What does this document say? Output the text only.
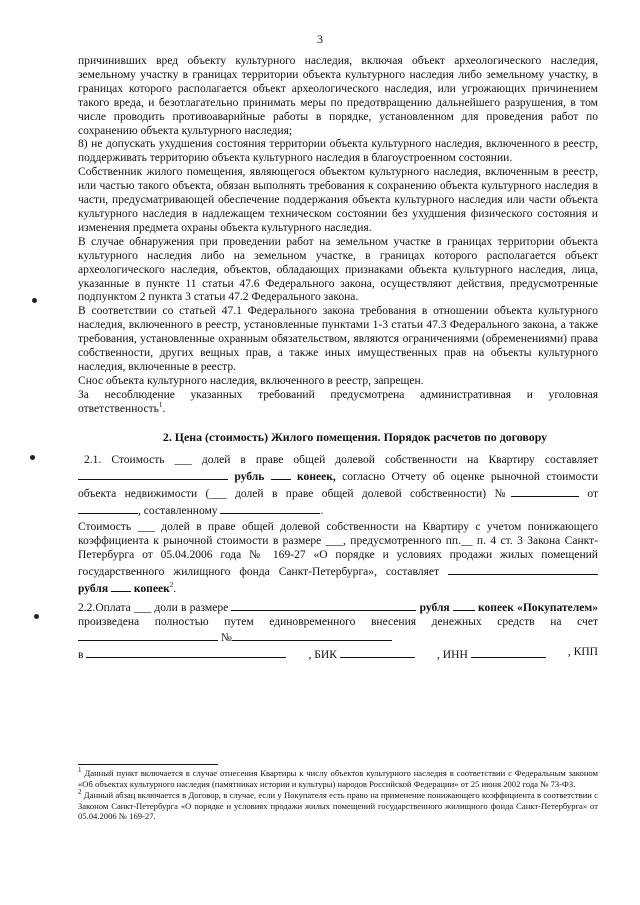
3

причинивших вред объекту культурного наследия, включая объект археологического наследия, земельному участку в границах территории объекта культурного наследия либо земельному участку, в границах которого располагается объект археологического наследия, или угрожающих причинением такого вреда, и безотлагательно принимать меры по предотвращению дальнейшего разрушения, в том числе проводить противоаварийные работы в порядке, установленном для проведения работ по сохранению объекта культурного наследия;

8) не допускать ухудшения состояния территории объекта культурного наследия, включенного в реестр, поддерживать территорию объекта культурного наследия в благоустроенном состоянии.

Собственник жилого помещения, являющегося объектом культурного наследия, включенным в реестр, или частью такого объекта, обязан выполнять требования к сохранению объекта культурного наследия в части, предусматривающей обеспечение поддержания объекта культурного наследия или части объекта культурного наследия в надлежащем техническом состоянии без ухудшения физического состояния и изменения предмета охраны объекта культурного наследия.

В случае обнаружения при проведении работ на земельном участке в границах территории объекта культурного наследия либо на земельном участке, в границах которого располагается объект археологического наследия, объектов, обладающих признаками объекта культурного наследия, лица, указанные в пункте 11 статьи 47.6 Федерального закона, осуществляют действия, предусмотренные подпунктом 2 пункта 3 статьи 47.2 Федерального закона.

В соответствии со статьей 47.1 Федерального закона требования в отношении объекта культурного наследия, включенного в реестр, установленные пунктами 1-3 статьи 47.3 Федерального закона, а также требования, установленные охранным обязательством, являются ограничениями (обременениями) права собственности, других вещных прав, а также иных имущественных прав на объекты культурного наследия, включенные в реестр.

Снос объекта культурного наследия, включенного в реестр, запрещен.

За несоблюдение указанных требований предусмотрена административная и уголовная ответственность$^1$.

2. Цена (стоимость) Жилого помещения. Порядок расчетов по договору

2.1. Стоимость ___ долей в праве общей долевой собственности на Квартиру составляет  рубль	конеек, согласно Отчету об оценке рыночной стоимости объекта недвижимости (___ долей в праве общей долевой собственности) №	от , составленному	.

Стоимость ___ долей в праве общей долевой собственности на Квартиру с учетом понижающего коэффициента к рыночной стоимости в размере ___, предусмотренного пп.__ п. 4 ст. 3 Закона Санкт-Петербурга от 05.04.2006 года № 169-27 «О порядке и условиях продажи жилых помещений государственного жилищного фонда Санкт-Петербурга», составляет  рубля копеек$^2$.

2.2.Оплата ___ доли в размере	рубля копеек «Покупателем» произведена полностью путем единовременного внесения денежных средств на счет  №

в	, БИК	, ИНН	, КПП

$^1$ Данный пункт включается в случае отнесения Квартиры к числу объектов культурного наследия в соответствии с Федеральным законом «Об объектах культурного наследия (памятниках истории и культуры) народов Российской Федерации» от 25 июня 2002 года № 73-ФЗ.

$^2$ Данный абзац включается в Договор, в случае, если у Покупателя есть право на применение понижающего коэффициента в соответствии с Законом Санкт-Петербурга «О порядке и условиях продажи жилых помещений государственного жилищного фонда Санкт-Петербурга» от 05.04.2006 № 169-27.
